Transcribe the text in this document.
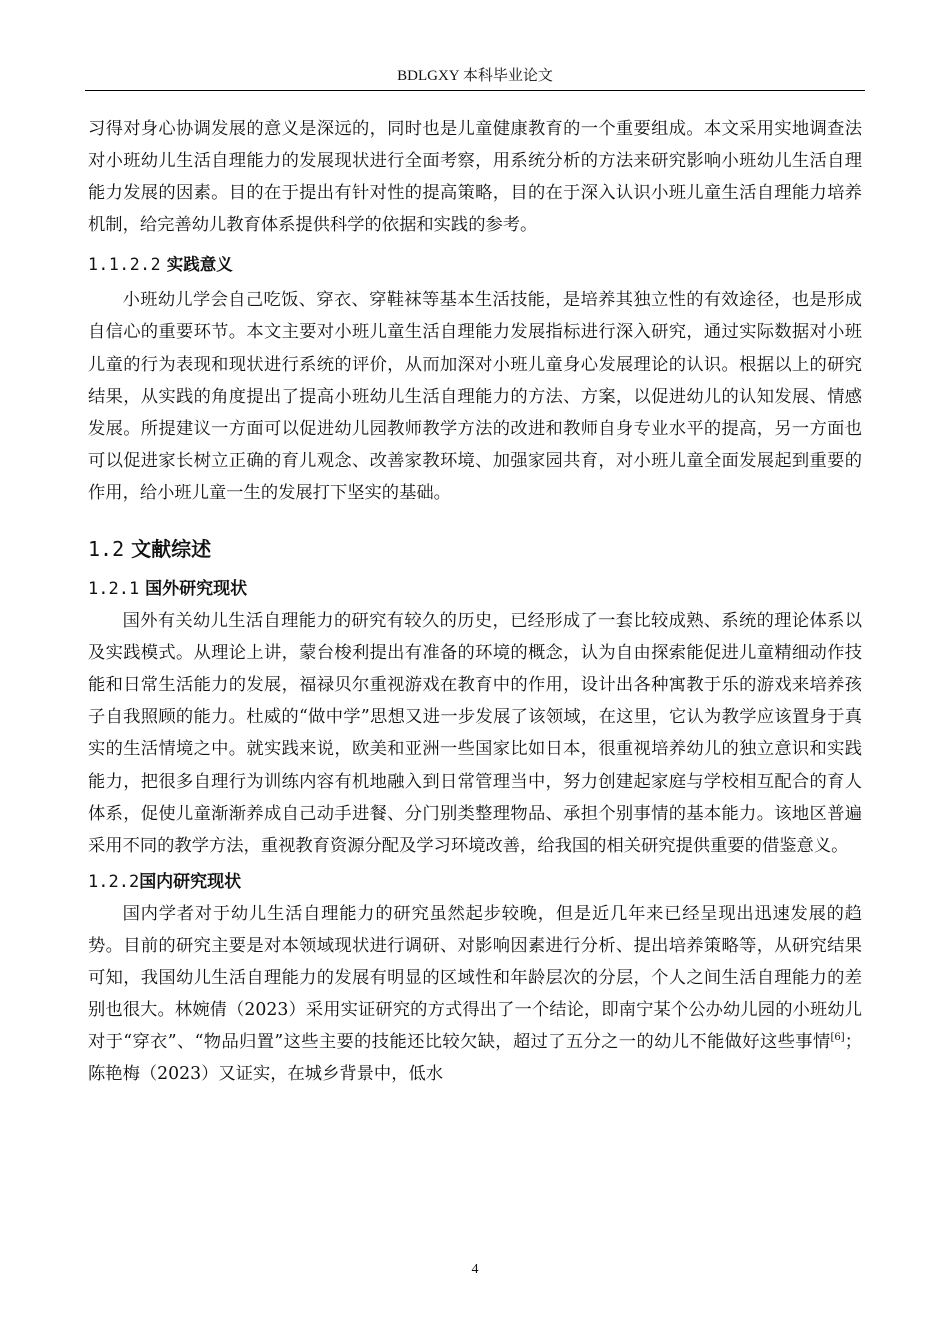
BDLGXY 本科毕业论文

习得对身心协调发展的意义是深远的，同时也是儿童健康教育的一个重要组成。本文采用实地调查法对小班幼儿生活自理能力的发展现状进行全面考察，用系统分析的方法来研究影响小班幼儿生活自理能力发展的因素。目的在于提出有针对性的提高策略，目的在于深入认识小班儿童生活自理能力培养机制，给完善幼儿教育体系提供科学的依据和实践的参考。

1.1.2.2 实践意义

小班幼儿学会自己吃饭、穿衣、穿鞋袜等基本生活技能，是培养其独立性的有效途径，也是形成自信心的重要环节。本文主要对小班儿童生活自理能力发展指标进行深入研究，通过实际数据对小班儿童的行为表现和现状进行系统的评价，从而加深对小班儿童身心发展理论的认识。根据以上的研究结果，从实践的角度提出了提高小班幼儿生活自理能力的方法、方案，以促进幼儿的认知发展、情感发展。所提建议一方面可以促进幼儿园教师教学方法的改进和教师自身专业水平的提高，另一方面也可以促进家长树立正确的育儿观念、改善家教环境、加强家园共育，对小班儿童全面发展起到重要的作用，给小班儿童一生的发展打下坚实的基础。

1.2 文献综述
1.2.1 国外研究现状

国外有关幼儿生活自理能力的研究有较久的历史，已经形成了一套比较成熟、系统的理论体系以及实践模式。从理论上讲，蒙台梭利提出有准备的环境的概念，认为自由探索能促进儿童精细动作技能和日常生活能力的发展，福禄贝尔重视游戏在教育中的作用，设计出各种寓教于乐的游戏来培养孩子自我照顾的能力。杜威的“做中学”思想又进一步发展了该领域，在这里，它认为教学应该置身于真实的生活情境之中。就实践来说，欧美和亚洲一些国家比如日本，很重视培养幼儿的独立意识和实践能力，把很多自理行为训练内容有机地融入到日常管理当中，努力创建起家庭与学校相互配合的育人体系，促使儿童渐渐养成自己动手进餐、分门别类整理物品、承担个别事情的基本能力。该地区普遍采用不同的教学方法，重视教育资源分配及学习环境改善，给我国的相关研究提供重要的借鉴意义。

1.2.2国内研究现状

国内学者对于幼儿生活自理能力的研究虽然起步较晚，但是近几年来已经呈现出迅速发展的趋势。目前的研究主要是对本领域现状进行调研、对影响因素进行分析、提出培养策略等，从研究结果可知，我国幼儿生活自理能力的发展有明显的区域性和年龄层次的分层，个人之间生活自理能力的差别也很大。林婉倩（2023）采用实证研究的方式得出了一个结论，即南宁某个公办幼儿园的小班幼儿对于“穿衣”、“物品归置”这些主要的技能还比较欠缺，超过了五分之一的幼儿不能做好这些事情[6]；陈艳梅（2023）又证实，在城乡背景中，低水

4
